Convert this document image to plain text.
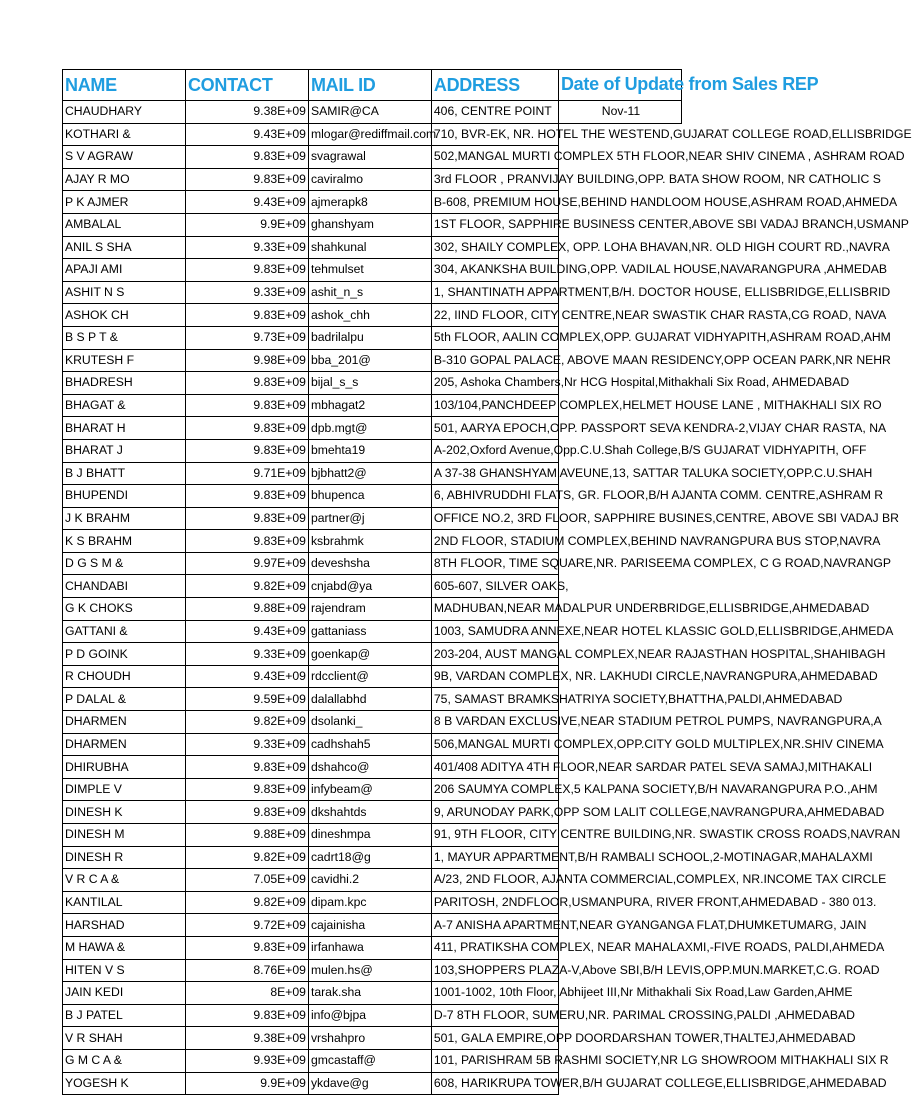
NAME	CONTACT	MAIL ID	ADDRESS	Date of Update from Sales REP

CHAUDHARY	9.38E+09	SAMIR@CA	406, CENTRE POINT	Nov-11
KOTHARI &	9.43E+09	mlogar@rediffmail.com	710, BVR-EK, NR. HOTEL THE WESTEND,GUJARAT COLLEGE ROAD,ELLISBRIDGE	
S V AGRAW	9.83E+09	svagrawal	502,MANGAL MURTI COMPLEX 5TH FLOOR,NEAR SHIV CINEMA , ASHRAM ROAD	
AJAY R MO	9.83E+09	caviralmo	3rd FLOOR , PRANVIJAY BUILDING,OPP. BATA SHOW ROOM, NR CATHOLIC S	
P K AJMER	9.43E+09	ajmerapk8	B-608, PREMIUM HOUSE,BEHIND HANDLOOM HOUSE,ASHRAM ROAD,AHMEDA	
AMBALAL	9.9E+09	ghanshyam	1ST FLOOR, SAPPHIRE BUSINESS CENTER,ABOVE SBI VADAJ BRANCH,USMANP	
ANIL S SHA	9.33E+09	shahkunal	302, SHAILY COMPLEX, OPP. LOHA BHAVAN,NR. OLD HIGH COURT RD.,NAVRA	
APAJI AMI	9.83E+09	tehmulset	304, AKANKSHA BUILDING,OPP. VADILAL HOUSE,NAVARANGPURA ,AHMEDAB	
ASHIT N S	9.33E+09	ashit_n_s	1, SHANTINATH APPARTMENT,B/H. DOCTOR HOUSE, ELLISBRIDGE,ELLISBRID	
ASHOK CH	9.83E+09	ashok_chh	22, IIND FLOOR, CITY CENTRE,NEAR SWASTIK CHAR RASTA,CG ROAD, NAVA	
B S P T &	9.73E+09	badrilalpu	5th FLOOR, AALIN COMPLEX,OPP. GUJARAT VIDHYAPITH,ASHRAM ROAD,AHM	
KRUTESH F	9.98E+09	bba_201@	B-310 GOPAL PALACE, ABOVE MAAN RESIDENCY,OPP OCEAN PARK,NR NEHR	
BHADRESH	9.83E+09	bijal_s_s	205, Ashoka Chambers,Nr HCG Hospital,Mithakhali Six Road, AHMEDABAD	
BHAGAT &	9.83E+09	mbhagat2	103/104,PANCHDEEP COMPLEX,HELMET HOUSE LANE , MITHAKHALI SIX RO	
BHARAT H	9.83E+09	dpb.mgt@	501, AARYA EPOCH,OPP. PASSPORT SEVA KENDRA-2,VIJAY CHAR RASTA, NA	
BHARAT J	9.83E+09	bmehta19	A-202,Oxford Avenue,Opp.C.U.Shah College,B/S GUJARAT VIDHYAPITH, OFF	
B J BHATT	9.71E+09	bjbhatt2@	A 37-38 GHANSHYAM AVEUNE,13, SATTAR TALUKA SOCIETY,OPP.C.U.SHAH	
BHUPENDI	9.83E+09	bhupenca	6, ABHIVRUDDHI FLATS, GR. FLOOR,B/H AJANTA COMM. CENTRE,ASHRAM R	
J K BRAHM	9.83E+09	partner@j	OFFICE NO.2, 3RD FLOOR, SAPPHIRE BUSINES,CENTRE, ABOVE SBI VADAJ BR	
K S BRAHM	9.83E+09	ksbrahmk	2ND FLOOR, STADIUM COMPLEX,BEHIND NAVRANGPURA BUS STOP,NAVRA	
D G S M &	9.97E+09	deveshsha	8TH FLOOR, TIME SQUARE,NR. PARISEEMA COMPLEX, C G ROAD,NAVRANGP	
CHANDABI	9.82E+09	cnjabd@ya	605-607, SILVER OAKS,	
G K CHOKS	9.88E+09	rajendram	MADHUBAN,NEAR MADALPUR UNDERBRIDGE,ELLISBRIDGE,AHMEDABAD	
GATTANI &	9.43E+09	gattaniass	1003, SAMUDRA ANNEXE,NEAR HOTEL KLASSIC GOLD,ELLISBRIDGE,AHMEDA	
P D GOINK	9.33E+09	goenkap@	203-204, AUST MANGAL COMPLEX,NEAR RAJASTHAN HOSPITAL,SHAHIBAGH	
R CHOUDH	9.43E+09	rdcclient@	9B, VARDAN COMPLEX, NR. LAKHUDI CIRCLE,NAVRANGPURA,AHMEDABAD	
P DALAL &	9.59E+09	dalallabhd	75, SAMAST BRAMKSHATRIYA SOCIETY,BHATTHA,PALDI,AHMEDABAD	
DHARMEN	9.82E+09	dsolanki_	8 B VARDAN EXCLUSIVE,NEAR STADIUM PETROL PUMPS, NAVRANGPURA,A	
DHARMEN	9.33E+09	cadhshah5	506,MANGAL MURTI COMPLEX,OPP.CITY GOLD MULTIPLEX,NR.SHIV CINEMA	
DHIRUBHA	9.83E+09	dshahco@	401/408 ADITYA 4TH FLOOR,NEAR SARDAR PATEL SEVA SAMAJ,MITHAKALI	
DIMPLE V	9.83E+09	infybeam@	206 SAUMYA COMPLEX,5 KALPANA SOCIETY,B/H NAVARANGPURA P.O.,AHM	
DINESH K	9.83E+09	dkshahtds	9, ARUNODAY PARK,OPP SOM LALIT COLLEGE,NAVRANGPURA,AHMEDABAD	
DINESH M	9.88E+09	dineshmpa	91, 9TH FLOOR, CITY CENTRE BUILDING,NR. SWASTIK CROSS ROADS,NAVRAN	
DINESH R	9.82E+09	cadrt18@g	1, MAYUR APPARTMENT,B/H RAMBALI SCHOOL,2-MOTINAGAR,MAHALAXMI	
V R C A &	7.05E+09	cavidhi.2	A/23, 2ND FLOOR, AJANTA COMMERCIAL,COMPLEX, NR.INCOME TAX CIRCLE	
KANTILAL	9.82E+09	dipam.kpc	PARITOSH, 2NDFLOOR,USMANPURA, RIVER FRONT,AHMEDABAD - 380 013.	
HARSHAD	9.72E+09	cajainisha	A-7 ANISHA APARTMENT,NEAR GYANGANGA FLAT,DHUMKETUMARG, JAIN	
M HAWA &	9.83E+09	irfanhawa	411, PRATIKSHA COMPLEX, NEAR MAHALAXMI,-FIVE ROADS, PALDI,AHMEDA	
HITEN V S	8.76E+09	mulen.hs@	103,SHOPPERS PLAZA-V,Above SBI,B/H LEVIS,OPP.MUN.MARKET,C.G. ROAD	
JAIN KEDI	8E+09	tarak.sha	1001-1002, 10th Floor, Abhijeet III,Nr Mithakhali Six Road,Law Garden,AHME	
B J PATEL	9.83E+09	info@bjpa	D-7 8TH FLOOR, SUMERU,NR. PARIMAL CROSSING,PALDI ,AHMEDABAD	
V R SHAH	9.38E+09	vrshahpro	501, GALA EMPIRE,OPP DOORDARSHAN TOWER,THALTEJ,AHMEDABAD	
G M C A &	9.93E+09	gmcastaff@	101, PARISHRAM 5B RASHMI SOCIETY,NR LG SHOWROOM MITHAKHALI SIX R	
YOGESH K	9.9E+09	ykdave@g	608, HARIKRUPA TOWER,B/H GUJARAT COLLEGE,ELLISBRIDGE,AHMEDABAD	
